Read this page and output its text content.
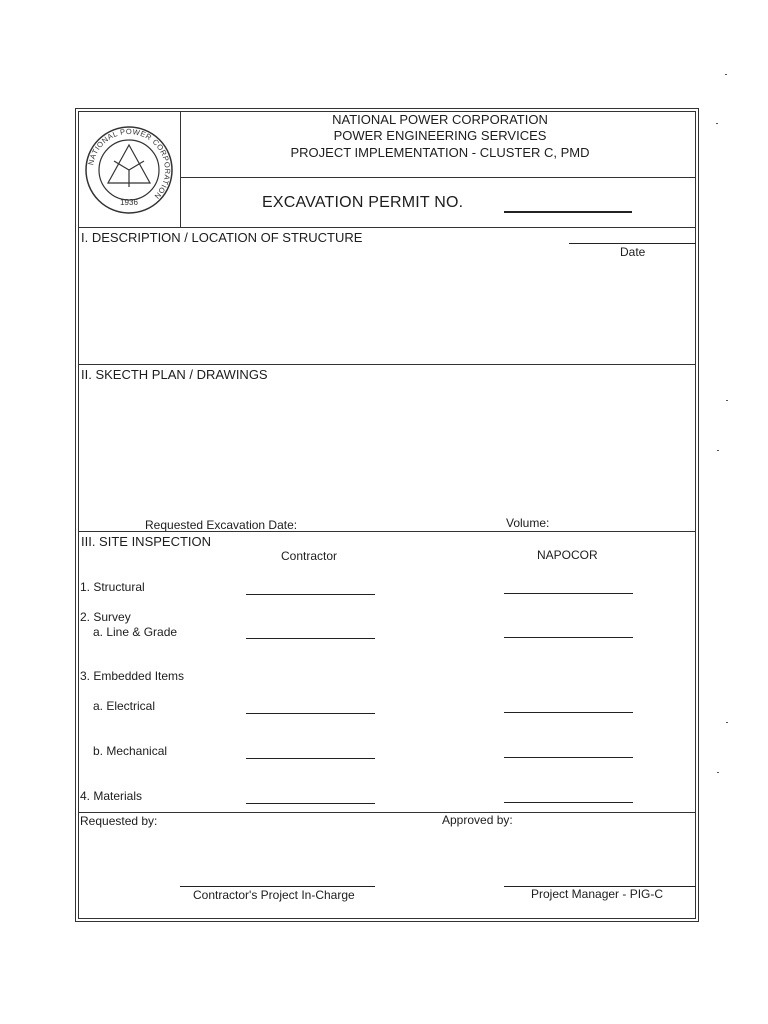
NATIONAL POWER CORPORATION
1936
NATIONAL POWER CORPORATION
POWER ENGINEERING SERVICES
PROJECT IMPLEMENTATION - CLUSTER C, PMD
EXCAVATION PERMIT NO.
I. DESCRIPTION / LOCATION OF STRUCTURE
Date
II. SKECTH PLAN / DRAWINGS
Requested Excavation Date:	Volume:
III. SITE INSPECTION
Contractor	NAPOCOR
1. Structural
2. Survey
a. Line & Grade
3. Embedded Items
a. Electrical
b. Mechanical
4. Materials
Requested by:	Approved by:
Contractor's Project In-Charge	Project Manager - PIG-C
